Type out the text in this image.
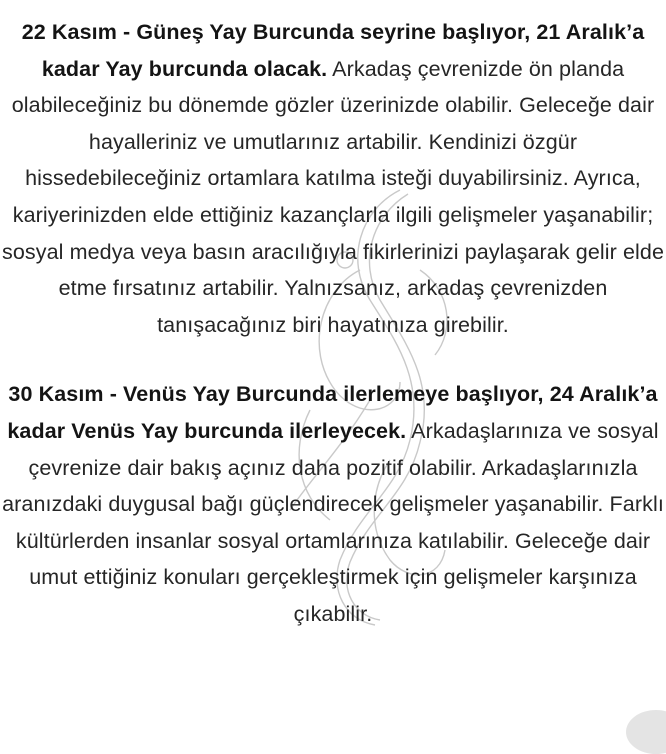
22 Kasım - Güneş Yay Burcunda seyrine başlıyor, 21 Aralık’a kadar Yay burcunda olacak. Arkadaş çevrenizde ön planda olabileceğiniz bu dönemde gözler üzerinizde olabilir. Geleceğe dair hayalleriniz ve umutlarınız artabilir. Kendinizi özgür hissedebileceğiniz ortamlara katılma isteği duyabilirsiniz. Ayrıca, kariyerinizden elde ettiğiniz kazançlarla ilgili gelişmeler yaşanabilir; sosyal medya veya basın aracılığıyla fikirlerinizi paylaşarak gelir elde etme fırsatınız artabilir. Yalnızsanız, arkadaş çevrenizden tanışacağınız biri hayatınıza girebilir.

30 Kasım - Venüs Yay Burcunda ilerlemeye başlıyor, 24 Aralık’a kadar Venüs Yay burcunda ilerleyecek. Arkadaşlarınıza ve sosyal çevrenize dair bakış açınız daha pozitif olabilir. Arkadaşlarınızla aranızdaki duygusal bağı güçlendirecek gelişmeler yaşanabilir. Farklı kültürlerden insanlar sosyal ortamlarınıza katılabilir. Geleceğe dair umut ettiğiniz konuları gerçekleştirmek için gelişmeler karşınıza çıkabilir.
